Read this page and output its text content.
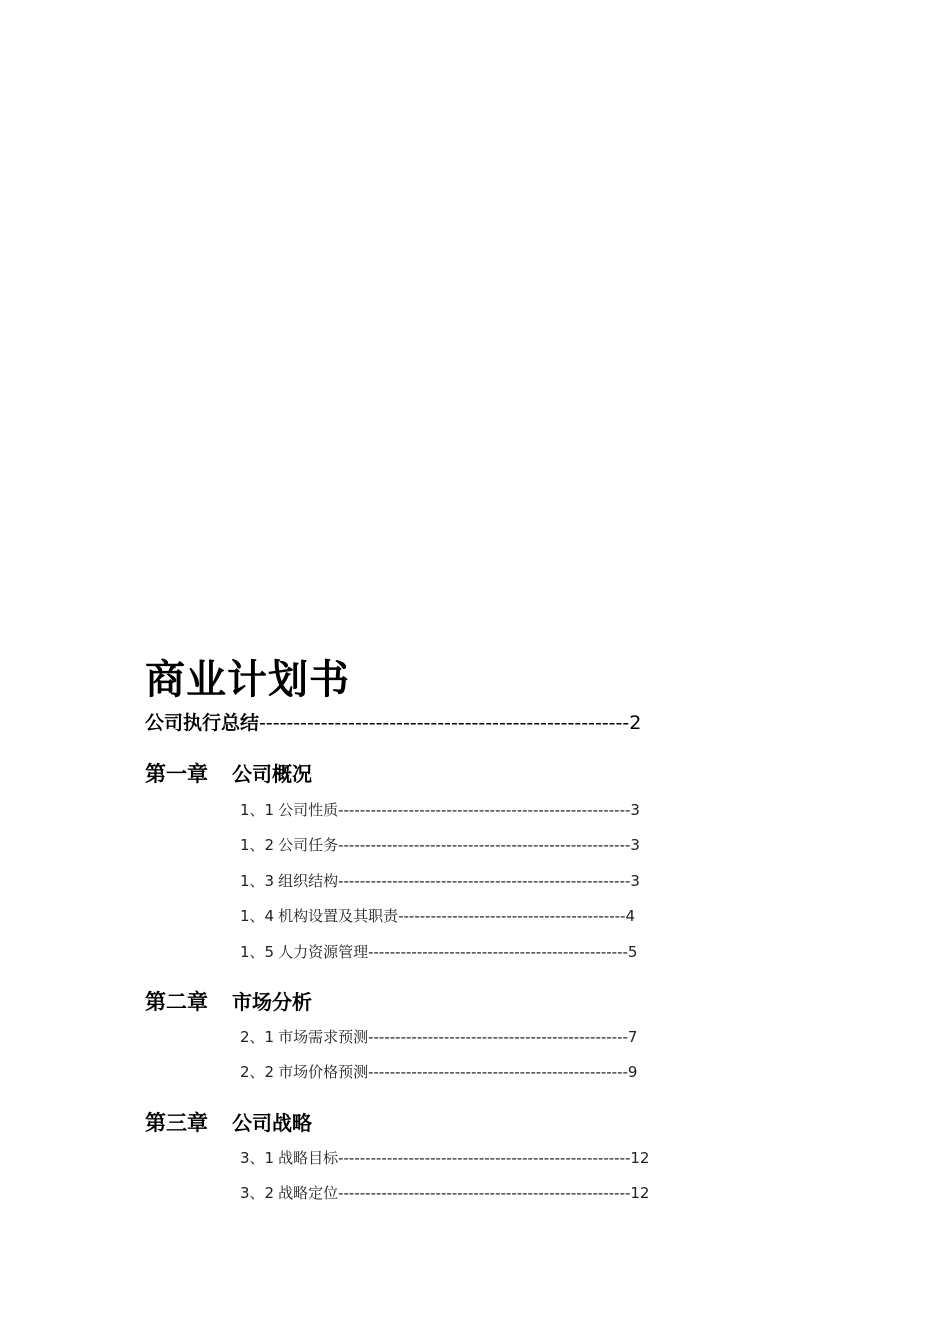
商业计划书
公司执行总结------------------------------------------------------2
第一章 公司概况
1、1 公司性质------------------------------------------------------3
1、2 公司任务------------------------------------------------------3
1、3 组织结构------------------------------------------------------3
1、4 机构设置及其职责------------------------------------------4
1、5 人力资源管理------------------------------------------------5
第二章 市场分析
2、1 市场需求预测------------------------------------------------7
2、2 市场价格预测------------------------------------------------9
第三章 公司战略
3、1 战略目标------------------------------------------------------12
3、2 战略定位------------------------------------------------------12
